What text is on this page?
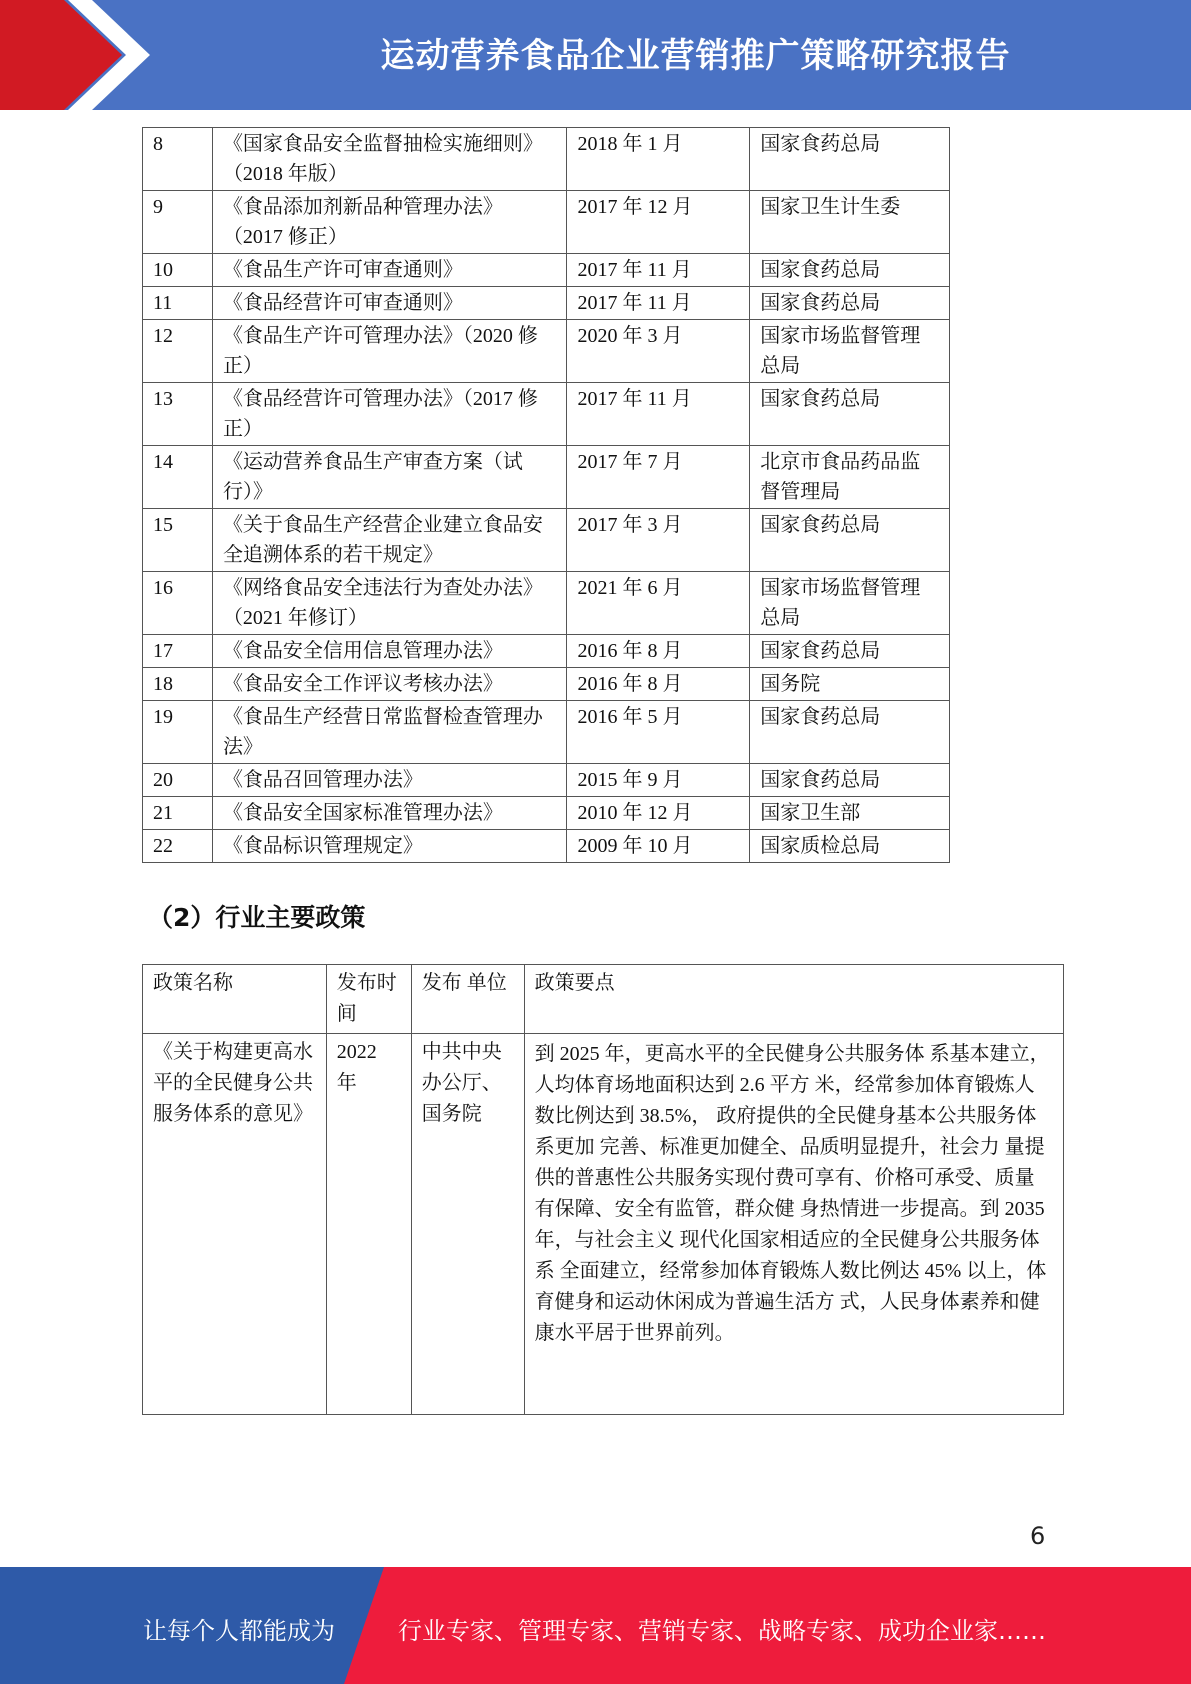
运动营养食品企业营销推广策略研究报告
8	《国家食品安全监督抽检实施细则》 （2018 年版）	2018 年 1 月	国家食药总局
9	《食品添加剂新品种管理办法》 （2017 修正）	2017 年 12 月	国家卫生计生委
10	《食品生产许可审查通则》	2017 年 11 月	国家食药总局
11	《食品经营许可审查通则》	2017 年 11 月	国家食药总局
12	《食品生产许可管理办法》（2020 修正）	2020 年 3 月	国家市场监督管理总局
13	《食品经营许可管理办法》（2017 修正）	2017 年 11 月	国家食药总局
14	《运动营养食品生产审查方案（试行）》	2017 年 7 月	北京市食品药品监督管理局
15	《关于食品生产经营企业建立食品安全追溯体系的若干规定》	2017 年 3 月	国家食药总局
16	《网络食品安全违法行为查处办法》 （2021 年修订）	2021 年 6 月	国家市场监督管理总局
17	《食品安全信用信息管理办法》	2016 年 8 月	国家食药总局
18	《食品安全工作评议考核办法》	2016 年 8 月	国务院
19	《食品生产经营日常监督检查管理办法》	2016 年 5 月	国家食药总局
20	《食品召回管理办法》	2015 年 9 月	国家食药总局
21	《食品安全国家标准管理办法》	2010 年 12 月	国家卫生部
22	《食品标识管理规定》	2009 年 10 月	国家质检总局
（2）行业主要政策
政策名称	发布时间	发布 单位	政策要点
《关于构建更高水平的全民健身公共服务体系的意见》	2022 年	中共中央办公厅、国务院	到 2025 年，更高水平的全民健身公共服务体 系基本建立，人均体育场地面积达到 2.6 平方 米，经常参加体育锻炼人数比例达到 38.5%， 政府提供的全民健身基本公共服务体系更加 完善、标准更加健全、品质明显提升，社会力 量提供的普惠性公共服务实现付费可享有、价格可承受、质量有保障、安全有监管，群众健 身热情进一步提高。到 2035 年，与社会主义 现代化国家相适应的全民健身公共服务体系 全面建立，经常参加体育锻炼人数比例达 45% 以上，体育健身和运动休闲成为普遍生活方 式，人民身体素养和健康水平居于世界前列。
6
让每个人都能成为	行业专家、管理专家、营销专家、战略专家、成功企业家……
